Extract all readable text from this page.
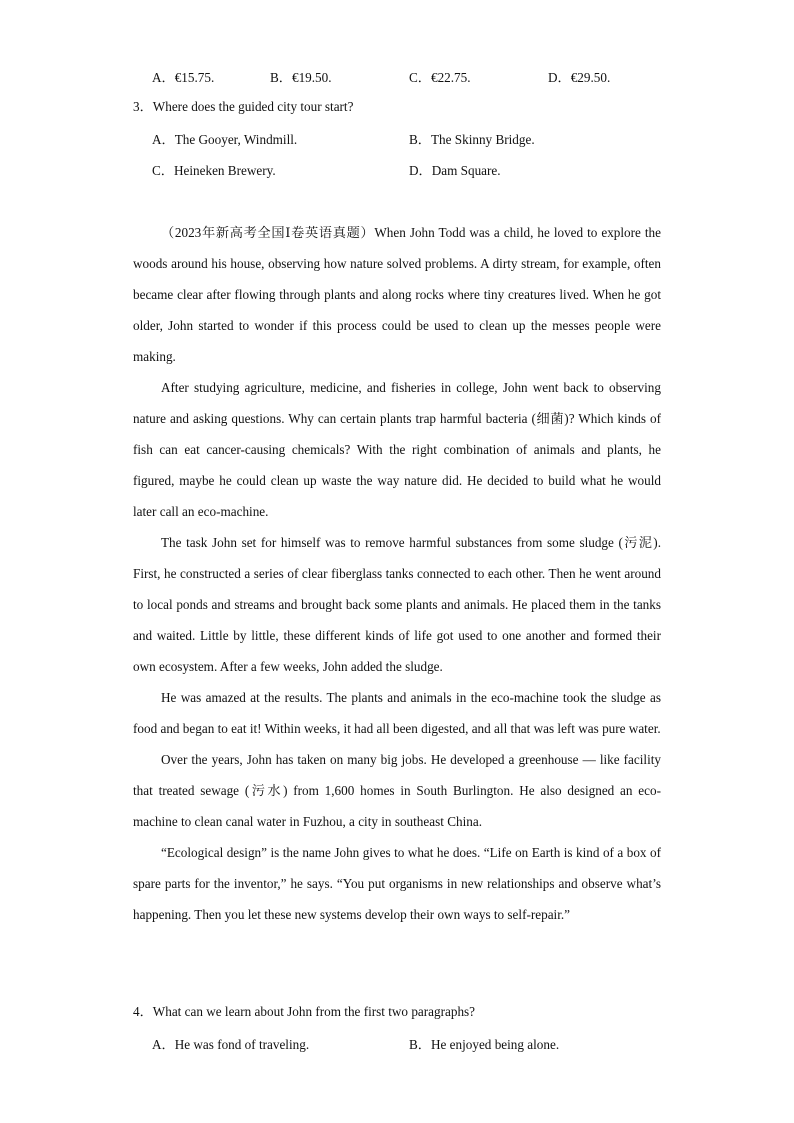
A．€15.75.	B．€19.50.	C．€22.75.	D．€29.50.
3．Where does the guided city tour start?
A．The Gooyer, Windmill.	B．The Skinny Bridge.
C．Heineken Brewery.	D．Dam Square.

（2023年新高考全国Ⅰ卷英语真题）When John Todd was a child, he loved to explore the woods around his house, observing how nature solved problems. A dirty stream, for example, often became clear after flowing through plants and along rocks where tiny creatures lived. When he got older, John started to wonder if this process could be used to clean up the messes people were making.

After studying agriculture, medicine, and fisheries in college, John went back to observing nature and asking questions. Why can certain plants trap harmful bacteria (细菌)? Which kinds of fish can eat cancer-causing chemicals? With the right combination of animals and plants, he figured, maybe he could clean up waste the way nature did. He decided to build what he would later call an eco-machine.

The task John set for himself was to remove harmful substances from some sludge (污泥). First, he constructed a series of clear fiberglass tanks connected to each other. Then he went around to local ponds and streams and brought back some plants and animals. He placed them in the tanks and waited. Little by little, these different kinds of life got used to one another and formed their own ecosystem. After a few weeks, John added the sludge.

He was amazed at the results. The plants and animals in the eco-machine took the sludge as food and began to eat it! Within weeks, it had all been digested, and all that was left was pure water.

Over the years, John has taken on many big jobs. He developed a greenhouse — like facility that treated sewage (污水) from 1,600 homes in South Burlington. He also designed an eco-machine to clean canal water in Fuzhou, a city in southeast China.

“Ecological design” is the name John gives to what he does. “Life on Earth is kind of a box of spare parts for the inventor,” he says. “You put organisms in new relationships and observe what’s happening. Then you let these new systems develop their own ways to self-repair.”

4．What can we learn about John from the first two paragraphs?
A．He was fond of traveling.	B．He enjoyed being alone.
